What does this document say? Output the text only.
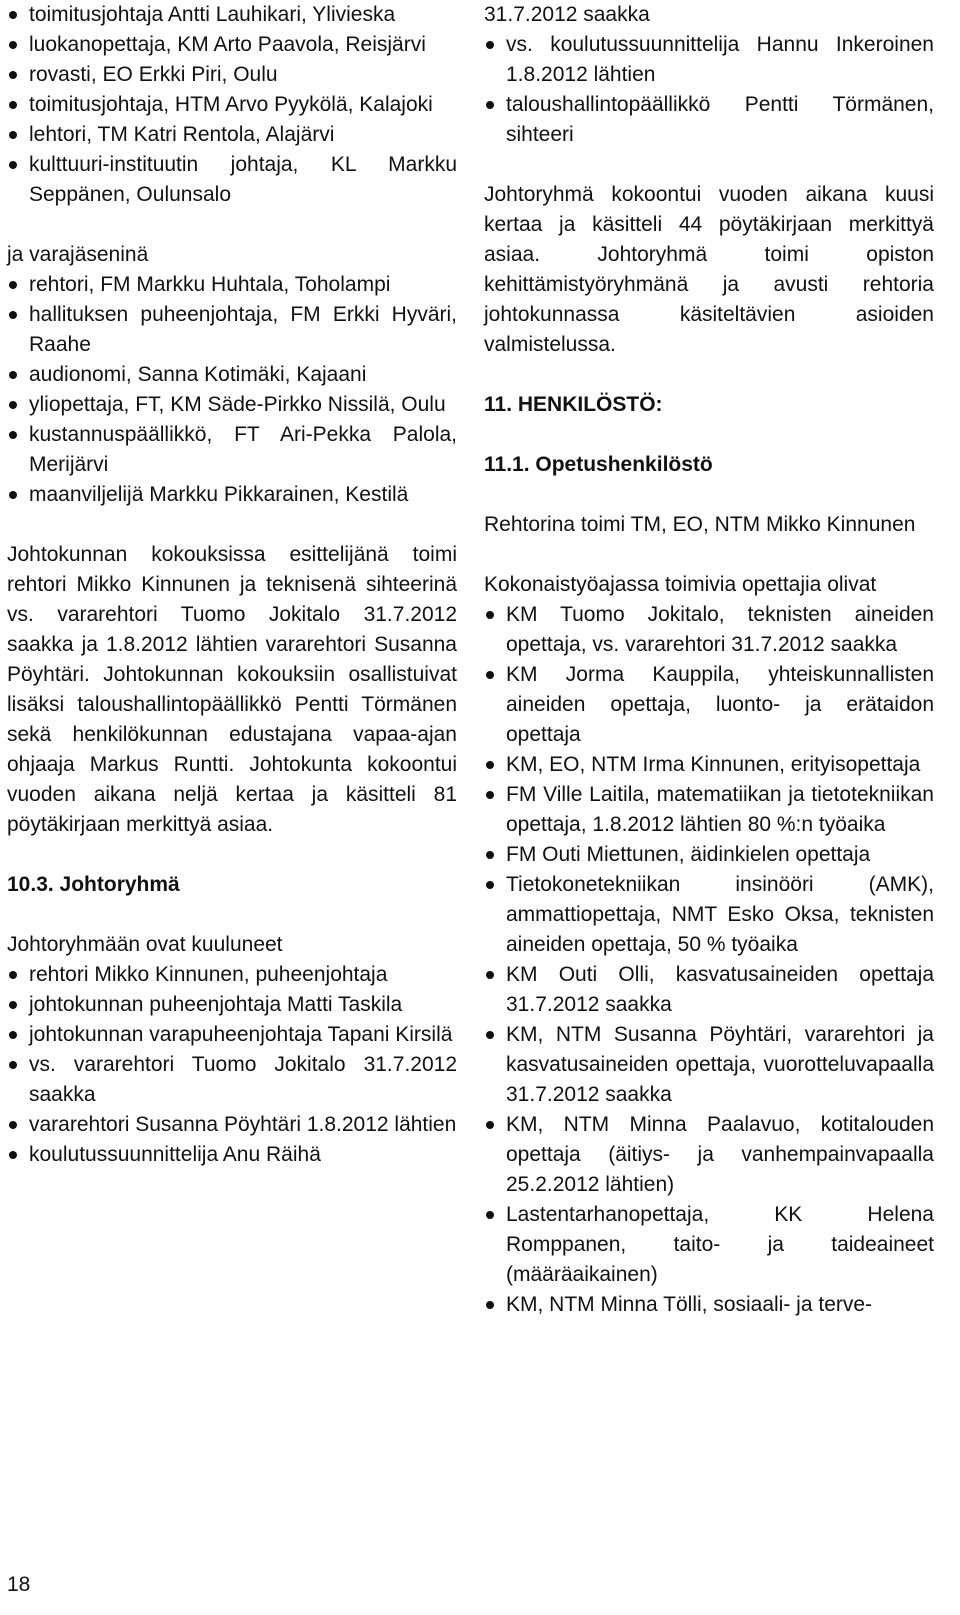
toimitusjohtaja Antti Lauhikari, Ylivieska
luokanopettaja, KM Arto Paavola, Reisjärvi
rovasti, EO Erkki Piri, Oulu
toimitusjohtaja, HTM Arvo Pyykölä, Kalajoki
lehtori, TM Katri Rentola, Alajärvi
kulttuuri-instituutin johtaja, KL Markku Seppänen, Oulunsalo

ja varajäseninä

rehtori, FM Markku Huhtala, Toholampi
hallituksen puheenjohtaja, FM Erkki Hyväri, Raahe
audionomi, Sanna Kotimäki, Kajaani
yliopettaja, FT, KM Säde-Pirkko Nissilä, Oulu
kustannuspäällikkö, FT Ari-Pekka Palola, Merijärvi
maanviljelijä Markku Pikkarainen, Kestilä

Johtokunnan kokouksissa esittelijänä toimi rehtori Mikko Kinnunen ja teknisenä sihteerinä vs. vararehtori Tuomo Jokitalo 31.7.2012 saakka ja 1.8.2012 lähtien vararehtori Susanna Pöyhtäri. Johtokunnan kokouksiin osallistuivat lisäksi taloushallintopäällikkö Pentti Törmänen sekä henkilökunnan edustajana vapaa-ajan ohjaaja Markus Runtti. Johtokunta kokoontui vuoden aikana neljä kertaa ja käsitteli 81 pöytäkirjaan merkittyä asiaa.

10.3. Johtoryhmä

Johtoryhmään ovat kuuluneet

rehtori Mikko Kinnunen, puheenjohtaja
johtokunnan puheenjohtaja Matti Taskila
johtokunnan varapuheenjohtaja Tapani Kirsilä
vs. vararehtori Tuomo Jokitalo 31.7.2012 saakka
vararehtori Susanna Pöyhtäri 1.8.2012 lähtien
koulutussuunnittelija Anu Räihä

31.7.2012 saakka

vs. koulutussuunnittelija Hannu Inkeroinen 1.8.2012 lähtien
taloushallintopäällikkö Pentti Törmänen, sihteeri

Johtoryhmä kokoontui vuoden aikana kuusi kertaa ja käsitteli 44 pöytäkirjaan merkittyä asiaa. Johtoryhmä toimi opiston kehittämistyöryhmänä ja avusti rehtoria johtokunnassa käsiteltävien asioiden valmistelussa.

11. HENKILÖSTÖ:

11.1. Opetushenkilöstö

Rehtorina toimi TM, EO, NTM Mikko Kinnunen

Kokonaistyöajassa toimivia opettajia olivat

KM Tuomo Jokitalo, teknisten aineiden opettaja, vs. vararehtori 31.7.2012 saakka
KM Jorma Kauppila, yhteiskunnallisten aineiden opettaja, luonto- ja erätaidon opettaja
KM, EO, NTM Irma Kinnunen, erityisopettaja
FM Ville Laitila, matematiikan ja tietotekniikan opettaja, 1.8.2012 lähtien 80 %:n työaika
FM Outi Miettunen, äidinkielen opettaja
Tietokonetekniikan insinööri (AMK), ammattiopettaja, NMT Esko Oksa, teknisten aineiden opettaja, 50 % työaika
KM Outi Olli, kasvatusaineiden opettaja 31.7.2012 saakka
KM, NTM Susanna Pöyhtäri, vararehtori ja kasvatusaineiden opettaja, vuorotteluvapaalla 31.7.2012 saakka
KM, NTM Minna Paalavuo, kotitalouden opettaja (äitiys- ja vanhempainvapaalla 25.2.2012 lähtien)
Lastentarhanopettaja, KK Helena Romppanen, taito- ja taideaineet (määräaikainen)
KM, NTM Minna Tölli, sosiaali- ja terve-
18
